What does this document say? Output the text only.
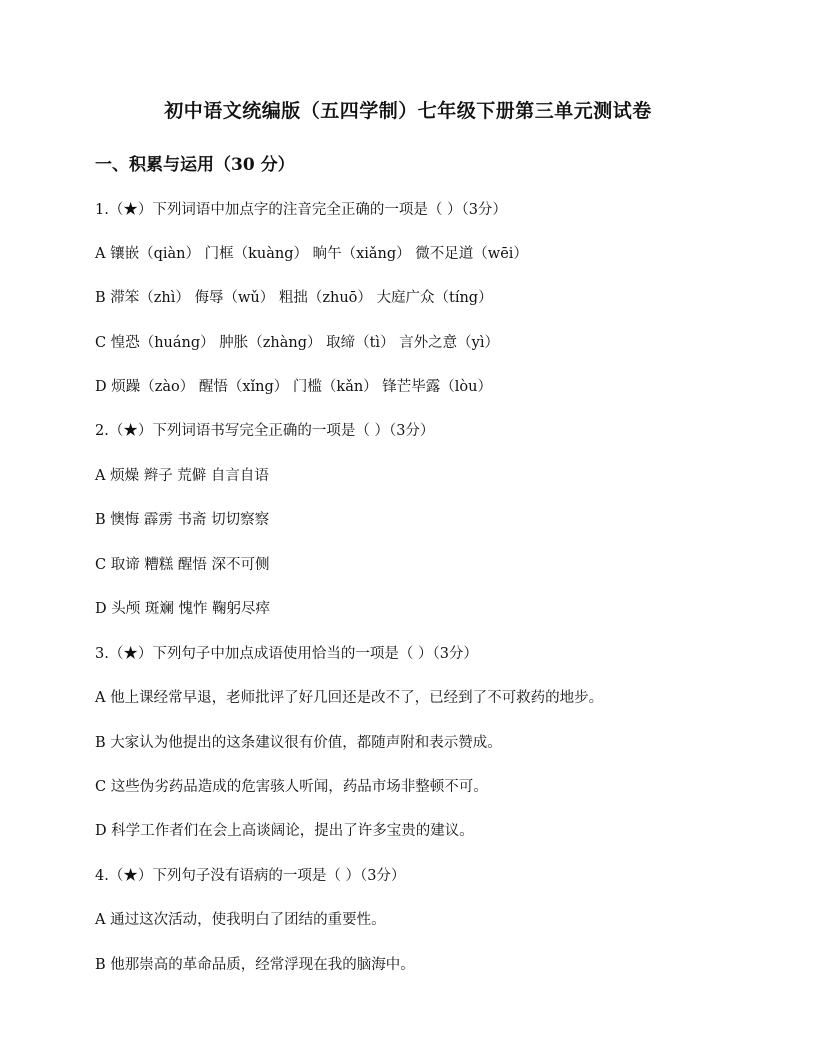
初中语文统编版（五四学制）七年级下册第三单元测试卷
一、积累与运用（30 分）
1.（★）下列词语中加点字的注音完全正确的一项是（ ）（3分）
A 镶嵌（qiàn） 门框（kuàng） 晌午（xiǎng） 微不足道（wēi）
B 滞笨（zhì） 侮辱（wǔ） 粗拙（zhuō） 大庭广众（tíng）
C 惶恐（huáng） 肿胀（zhàng） 取缔（tì） 言外之意（yì）
D 烦躁（zào） 醒悟（xǐng） 门槛（kǎn） 锋芒毕露（lòu）
2.（★）下列词语书写完全正确的一项是（ ）（3分）
A 烦燥 辫子 荒僻 自言自语
B 懊悔 霹雳 书斋 切切察察
C 取谛 糟糕 醒悟 深不可侧
D 头颅 斑斓 愧怍 鞠躬尽瘁
3.（★）下列句子中加点成语使用恰当的一项是（ ）（3分）
A 他上课经常早退，老师批评了好几回还是改不了，已经到了不可救药的地步。
B 大家认为他提出的这条建议很有价值，都随声附和表示赞成。
C 这些伪劣药品造成的危害骇人听闻，药品市场非整顿不可。
D 科学工作者们在会上高谈阔论，提出了许多宝贵的建议。
4.（★）下列句子没有语病的一项是（ ）（3分）
A 通过这次活动，使我明白了团结的重要性。
B 他那崇高的革命品质，经常浮现在我的脑海中。
